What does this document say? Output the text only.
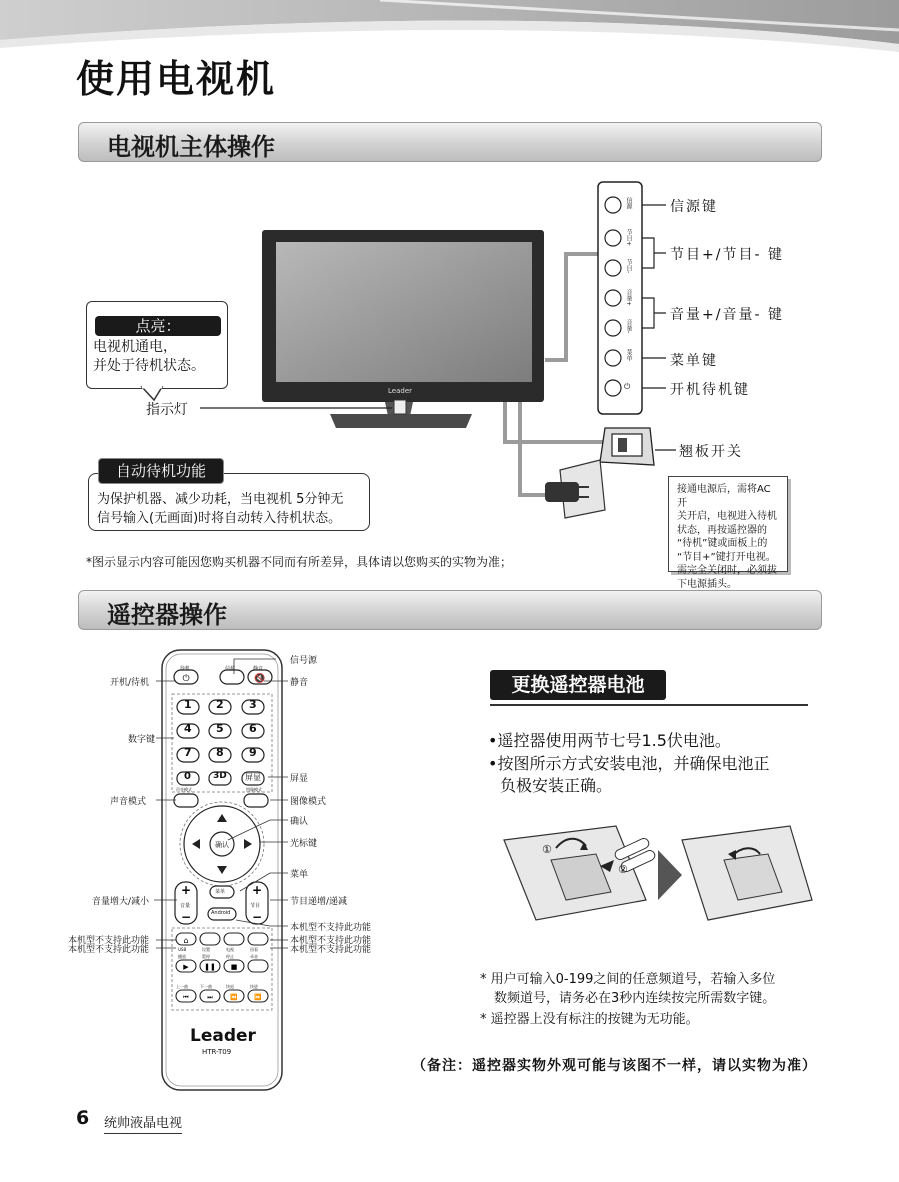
使用电视机
电视机主体操作
信源
节目+
节目-
音量+
音量-
菜单
⏻
Leader
信源键
节目+/节目- 键
音量+/音量- 键
菜单键
开机待机键
翘板开关
点亮：
电视机通电，
并处于待机状态。
指示灯
为保护机器、减少功耗，当电视机 5分钟无
信号输入(无画面)时将自动转入待机状态。
自动待机功能
*图示显示内容可能因您购买机器不同而有所差异，具体请以您购买的实物为准；
接通电源后，需将AC开
关开启，电视进入待机
状态，再按遥控器的
“待机”键或面板上的
“节目+”键打开电视。
需完全关闭时，必须拔
下电源插头。
遥控器操作
⏻	🔇
+
−
+
−
⌂
▶ ❚❚ ■
⏮	⏭	⏪	⏩
待机	信源	静音
1 2 3
4 5 6
7 8 9
0 3D 屏显
声音模式	图像模式
确认
菜单
音量	节目
Android
USB	设置	电视	回看
播放	暂停	停止	录音
上一曲	下一曲	快退	快进
Leader
HTR-T09
开机/待机
数字键
声音模式
音量增大/减小
本机型不支持此功能
本机型不支持此功能
信号源
静音
屏显
图像模式
确认
光标键
菜单
节目递增/递减
本机型不支持此功能
本机型不支持此功能
本机型不支持此功能
更换遥控器电池
•遥控器使用两节七号1.5伏电池。
•按图所示方式安装电池，并确保电池正
负极安装正确。
①
②
* 用户可输入0-199之间的任意频道号，若输入多位
数频道号，请务必在3秒内连续按完所需数字键。
* 遥控器上没有标注的按键为无功能。
（备注：遥控器实物外观可能与该图不一样，请以实物为准）
6 统帅液晶电视
